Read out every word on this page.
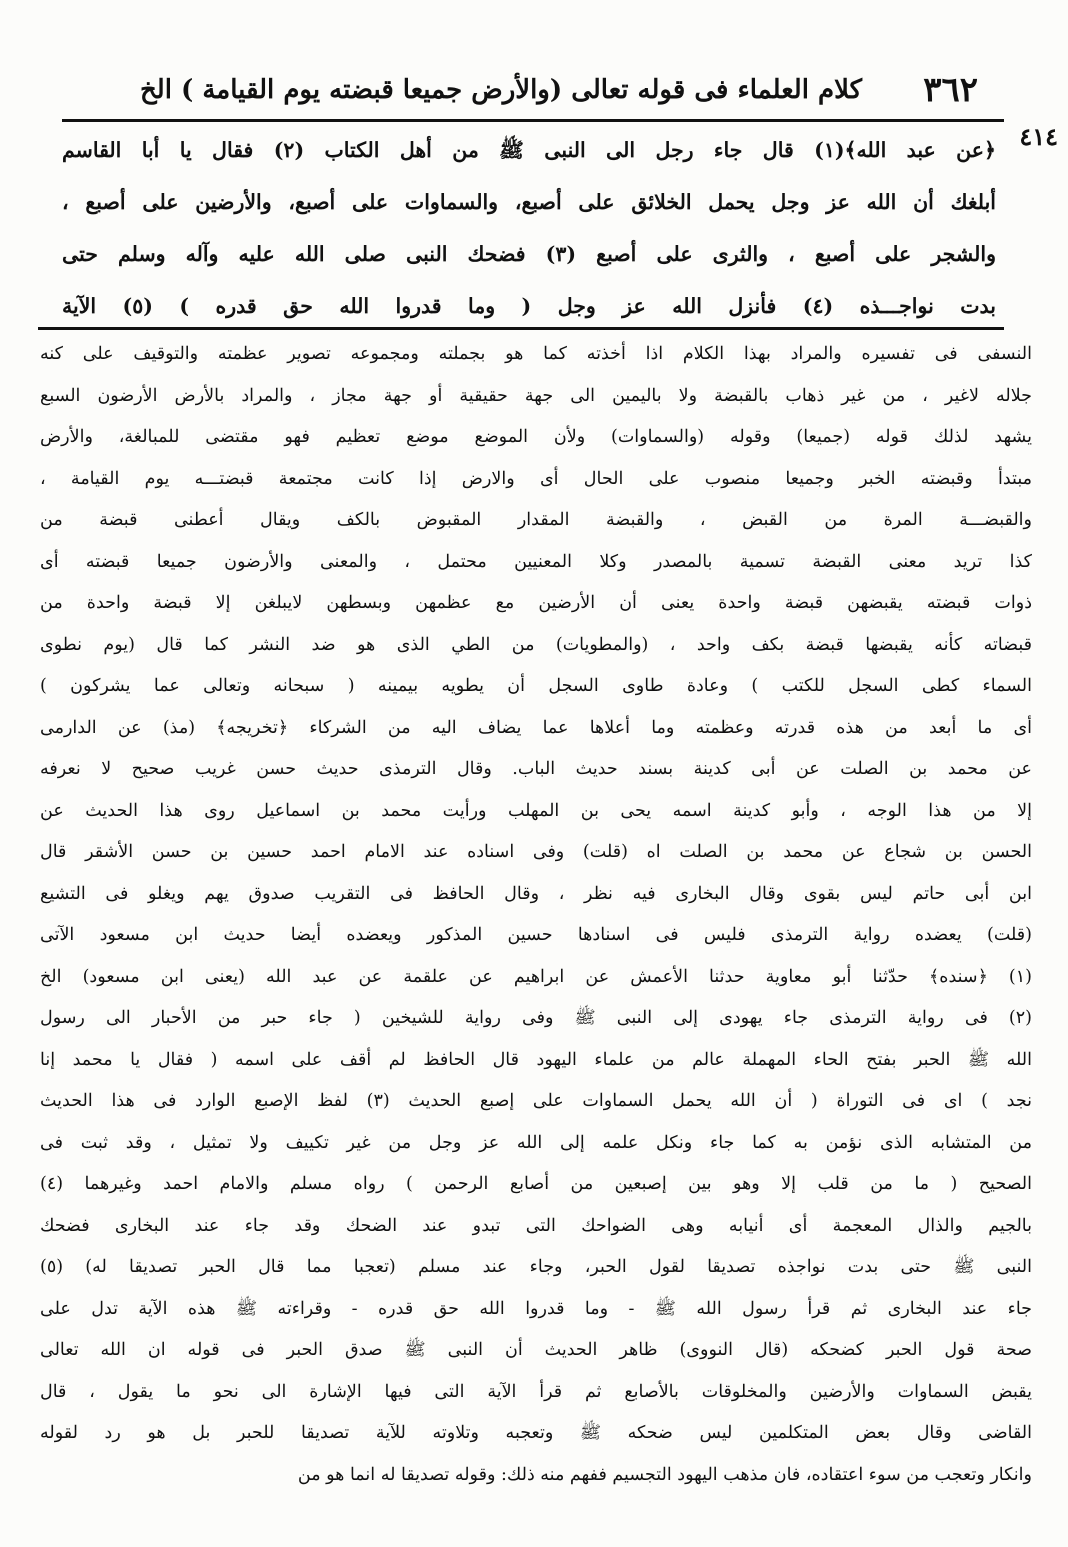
٣٦٢
كلام العلماء فى قوله تعالى (والأرض جميعا قبضته يوم القيامة ) الخ
٤١٤
﴿عن عبد الله﴾(١) قال جاء رجل الى النبى ﷺ من أهل الكتاب (٢) فقال يا أبا القاسم
أبلغك أن الله عز وجل يحمل الخلائق على أصبع، والسماوات على أصبع، والأرضين على أصبع ،
والشجر على أصبع ، والثرى على أصبع (٣) فضحك النبى صلى الله عليه وآله وسلم حتى
بدت نواجـــذه (٤) فأنزل الله عز وجل ( وما قدروا الله حق قدره ) (٥) الآية
النسفى فى تفسيره والمراد بهذا الكلام اذا أخذته كما هو بجملته ومجموعه تصوير عظمته والتوقيف على كنه
جلاله لاغير ، من غير ذهاب بالقبضة ولا باليمين الى جهة حقيقية أو جهة مجاز ، والمراد بالأرض الأرضون السبع
يشهد لذلك قوله (جميعا) وقوله (والسماوات) ولأن الموضع موضع تعظيم فهو مقتضى للمبالغة، والأرض
مبتدأ وقبضته الخبر وجميعا منصوب على الحال أى والارض إذا كانت مجتمعة قبضتـــه يوم القيامة ،
والقبضـــة المرة من القبض ، والقبضة المقدار المقبوض بالكف ويقال أعطنى قبضة من
كذا تريد معنى القبضة تسمية بالمصدر وكلا المعنيين محتمل ، والمعنى والأرضون جميعا قبضته أى
ذوات قبضته يقبضهن قبضة واحدة يعنى أن الأرضين مع عظمهن وبسطهن لايبلغن إلا قبضة واحدة من
قبضاته كأنه يقبضها قبضة بكف واحد ، (والمطويات) من الطي الذى هو ضد النشر كما قال (يوم نطوى
السماء كطى السجل للكتب ) وعادة طاوى السجل أن يطويه بيمينه ( سبحانه وتعالى عما يشركون )
أى ما أبعد من هذه قدرته وعظمته وما أعلاها عما يضاف اليه من الشركاء ﴿تخريجه﴾ (مذ) عن الدارمى
عن محمد بن الصلت عن أبى كدينة بسند حديث الباب. وقال الترمذى حديث حسن غريب صحيح لا نعرفه
إلا من هذا الوجه ، وأبو كدينة اسمه يحى بن المهلب ورأيت محمد بن اسماعيل روى هذا الحديث عن
الحسن بن شجاع عن محمد بن الصلت اه (قلت) وفى اسناده عند الامام احمد حسين بن حسن الأشقر قال
ابن أبى حاتم ليس بقوى وقال البخارى فيه نظر ، وقال الحافظ فى التقريب صدوق يهم ويغلو فى التشيع
(قلت) يعضده رواية الترمذى فليس فى اسنادها حسين المذكور ويعضده أيضا حديث ابن مسعود الآتى
(١) ﴿سنده﴾ حدّثنا أبو معاوية حدثنا الأعمش عن ابراهيم عن علقمة عن عبد الله (يعنى ابن مسعود) الخ
(٢) فى رواية الترمذى جاء يهودى إلى النبى ﷺ وفى رواية للشيخين ( جاء حبر من الأحبار الى رسول
الله ﷺ الحبر بفتح الحاء المهملة عالم من علماء اليهود قال الحافظ لم أقف على اسمه ( فقال يا محمد إنا
نجد ) اى فى التوراة ( أن الله يحمل السماوات على إصبع الحديث (٣) لفظ الإصبع الوارد فى هذا الحديث
من المتشابه الذى نؤمن به كما جاء ونكل علمه إلى الله عز وجل من غير تكييف ولا تمثيل ، وقد ثبت فى
الصحيح ( ما من قلب إلا وهو بين إصبعين من أصابع الرحمن ) رواه مسلم والامام احمد وغيرهما (٤)
بالجيم والذال المعجمة أى أنيابه وهى الضواحك التى تبدو عند الضحك وقد جاء عند البخارى فضحك
النبى ﷺ حتى بدت نواجذه تصديقا لقول الحبر، وجاء عند مسلم (تعجبا مما قال الحبر تصديقا له) (٥)
جاء عند البخارى ثم قرأ رسول الله ﷺ - وما قدروا الله حق قدره - وقراءته ﷺ هذه الآية تدل على
صحة قول الحبر كضحكه (قال النووى) ظاهر الحديث أن النبى ﷺ صدق الحبر فى قوله ان الله تعالى
يقبض السماوات والأرضين والمخلوقات بالأصابع ثم قرأ الآية التى فيها الإشارة الى نحو ما يقول ، قال
القاضى وقال بعض المتكلمين ليس ضحكه ﷺ وتعجبه وتلاوته للآية تصديقا للحبر بل هو رد لقوله
وانكار وتعجب من سوء اعتقاده، فان مذهب اليهود التجسيم ففهم منه ذلك: وقوله تصديقا له انما هو من
